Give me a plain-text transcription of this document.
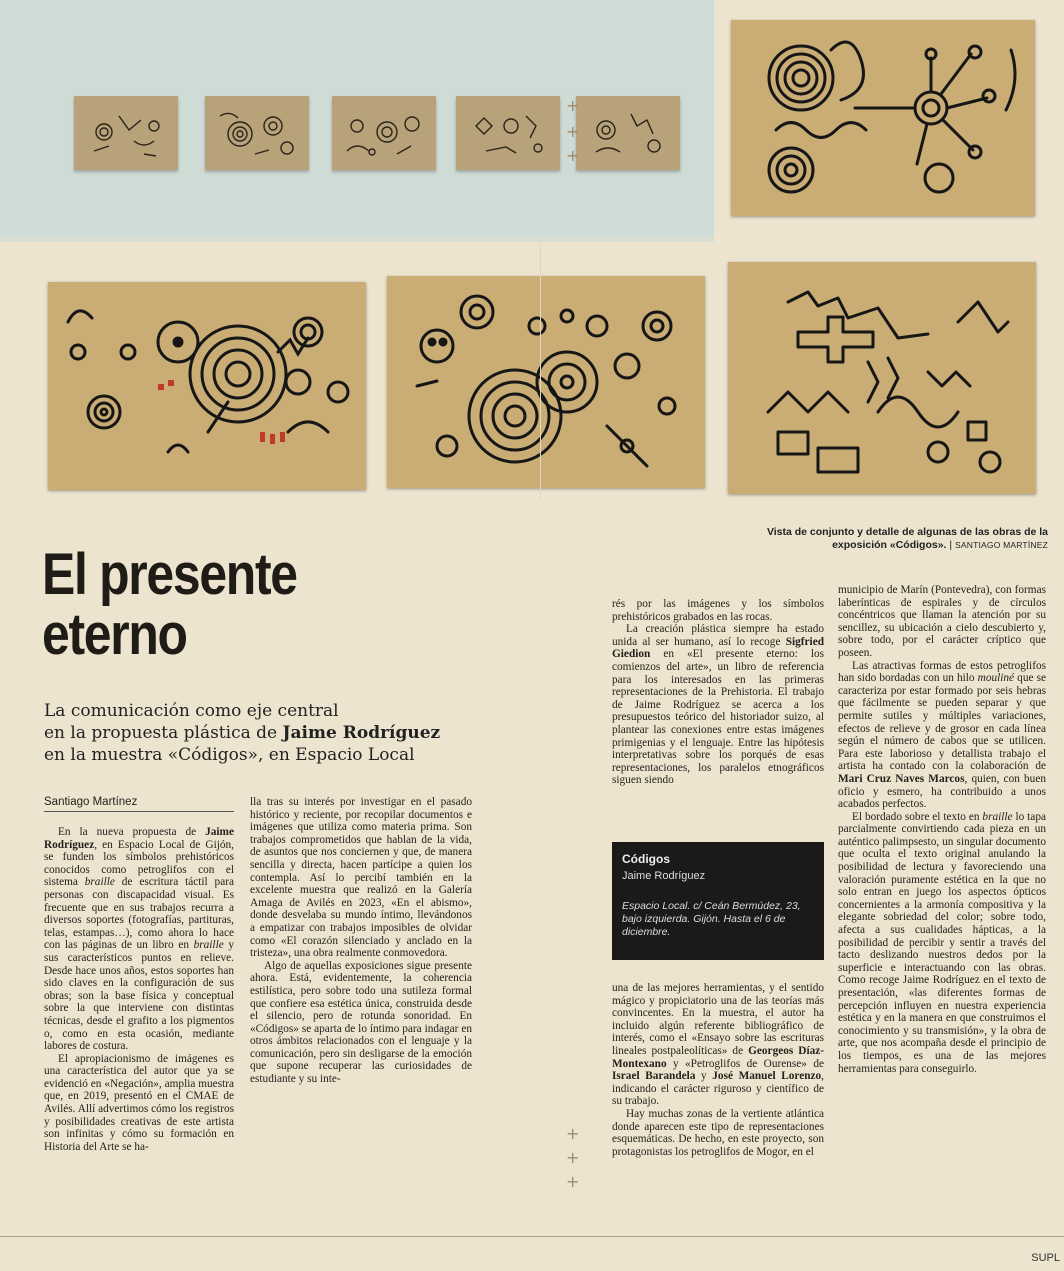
Vista de conjunto y detalle de algunas de las obras de la exposición «Códigos». | SANTIAGO MARTÍNEZ
El presente
eterno
La comunicación como eje central
en la propuesta plástica de Jaime Rodríguez
en la muestra «Códigos», en Espacio Local
Santiago Martínez

En la nueva propuesta de Jaime Rodríguez, en Espacio Local de Gijón, se funden los símbolos prehistóricos conocidos como petroglifos con el sistema braille de escritura táctil para personas con discapacidad visual. Es frecuente que en sus trabajos recurra a diversos soportes (fotografías, partituras, telas, estampas…), como ahora lo hace con las páginas de un libro en braille y sus característicos puntos en relieve. Desde hace unos años, estos soportes han sido claves en la configuración de sus obras; son la base física y conceptual sobre la que interviene con distintas técnicas, desde el grafito a los pigmentos o, como en esta ocasión, mediante labores de costura.

El apropiacionismo de imágenes es una característica del autor que ya se evidenció en «Negación», amplia muestra que, en 2019, presentó en el CMAE de Avilés. Allí advertimos cómo los registros y posibilidades creativas de este artista son infinitas y cómo su formación en Historia del Arte se ha-

lla tras su interés por investigar en el pasado histórico y reciente, por recopilar documentos e imágenes que utiliza como materia prima. Son trabajos comprometidos que hablan de la vida, de asuntos que nos conciernen y que, de manera sencilla y directa, hacen partícipe a quien los contempla. Así lo percibí también en la excelente muestra que realizó en la Galería Amaga de Avilés en 2023, «En el abismo», donde desvelaba su mundo íntimo, llevándonos a empatizar con trabajos imposibles de olvidar como «El corazón silenciado y anclado en la tristeza», una obra realmente conmovedora.

Algo de aquellas exposiciones sigue presente ahora. Está, evidentemente, la coherencia estilística, pero sobre todo una sutileza formal que confiere esa estética única, construida desde el silencio, pero de rotunda sonoridad. En «Códigos» se aparta de lo íntimo para indagar en otros ámbitos relacionados con el lenguaje y la comunicación, pero sin desligarse de la emoción que supone recuperar las curiosidades de estudiante y su inte-

rés por las imágenes y los símbolos prehistóricos grabados en las rocas.

La creación plástica siempre ha estado unida al ser humano, así lo recoge Sigfried Giedion en «El presente eterno: los comienzos del arte», un libro de referencia para los interesados en las primeras representaciones de la Prehistoria. El trabajo de Jaime Rodríguez se acerca a los presupuestos teórico del historiador suizo, al plantear las conexiones entre estas imágenes primigenias y el lenguaje. Entre las hipótesis interpretativas sobre los porqués de esas representaciones, los paralelos etnográficos siguen siendo

Códigos
Jaime Rodríguez
Espacio Local. c/ Ceán Bermúdez, 23, bajo izquierda. Gijón. Hasta el 6 de diciembre.

una de las mejores herramientas, y el sentido mágico y propiciatorio una de las teorías más convincentes. En la muestra, el autor ha incluido algún referente bibliográfico de interés, como el «Ensayo sobre las escrituras lineales postpaleolíticas» de Georgeos Díaz-Montexano y «Petroglifos de Ourense» de Israel Barandela y José Manuel Lorenzo, indicando el carácter riguroso y científico de su trabajo.

Hay muchas zonas de la vertiente atlántica donde aparecen este tipo de representaciones esquemáticas. De hecho, en este proyecto, son protagonistas los petroglifos de Mogor, en el

municipio de Marín (Pontevedra), con formas laberínticas de espirales y de círculos concéntricos que llaman la atención por su sencillez, su ubicación a cielo descubierto y, sobre todo, por el carácter críptico que poseen.

Las atractivas formas de estos petroglifos han sido bordadas con un hilo mouliné que se caracteriza por estar formado por seis hebras que fácilmente se pueden separar y que permite sutiles y múltiples variaciones, efectos de relieve y de grosor en cada línea según el número de cabos que se utilicen. Para este laborioso y detallista trabajo el artista ha contado con la colaboración de Mari Cruz Naves Marcos, quien, con buen oficio y esmero, ha contribuido a unos acabados perfectos.

El bordado sobre el texto en braille lo tapa parcialmente convirtiendo cada pieza en un auténtico palimpsesto, un singular documento que oculta el texto original anulando la posibilidad de lectura y favoreciendo una valoración puramente estética en la que no solo entran en juego los aspectos ópticos concernientes a la armonía compositiva y la elegante sobriedad del color; sobre todo, afecta a sus cualidades hápticas, a la posibilidad de percibir y sentir a través del tacto deslizando nuestros dedos por la superficie e interactuando con las obras. Como recoge Jaime Rodríguez en el texto de presentación, «las diferentes formas de percepción influyen en nuestra experiencia estética y en la manera en que construimos el conocimiento y su transmisión», y la obra de arte, que nos acompaña desde el principio de los tiempos, es una de las mejores herramientas para conseguirlo.

+
+
+
+
+
+
SUPL
